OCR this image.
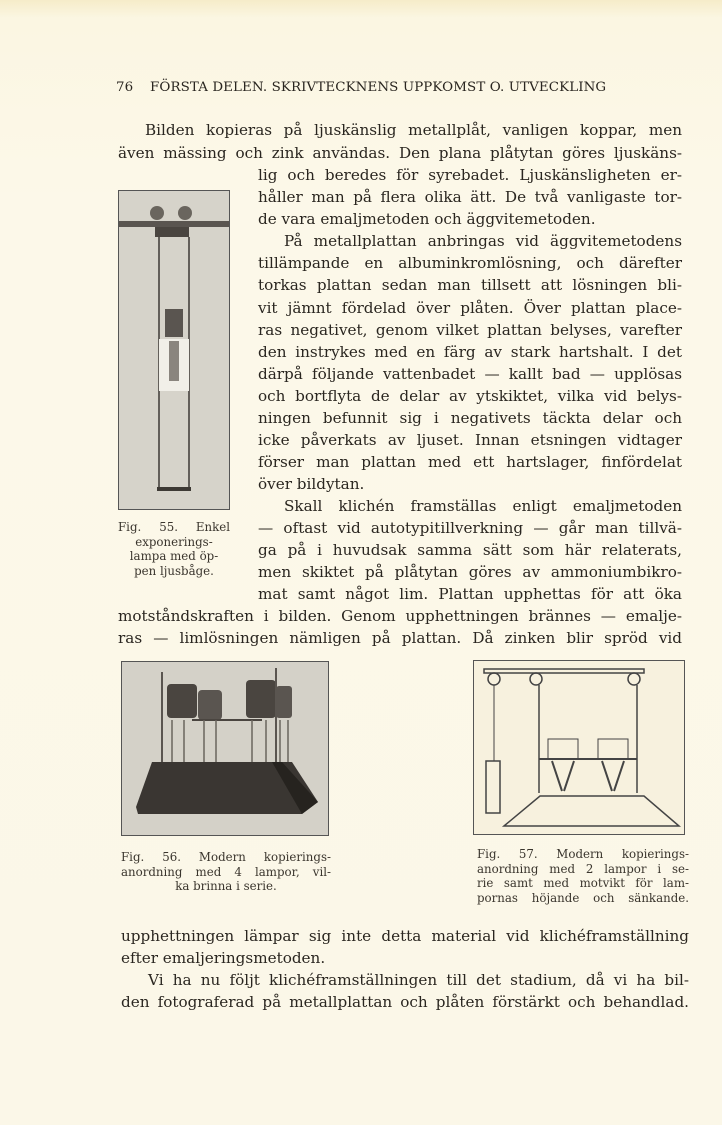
76 FÖRSTA DELEN. SKRIVTECKNENS UPPKOMST O. UTVECKLING
Bilden kopieras på ljuskänslig metallplåt, vanligen koppar, men
även mässing och zink användas. Den plana plåtytan göres ljuskäns-
lig och beredes för syrebadet. Ljuskänsligheten er-
håller man på flera olika ätt. De två vanligaste tor-
de vara emaljmetoden och äggvitemetoden.
På metallplattan anbringas vid äggvitemetodens
tillämpande en albuminkromlösning, och därefter
torkas plattan sedan man tillsett att lösningen bli-
vit jämnt fördelad över plåten. Över plattan place-
ras negativet, genom vilket plattan belyses, varefter
den instrykes med en färg av stark hartshalt. I det
därpå följande vattenbadet — kallt bad — upplösas
och bortflyta de delar av ytskiktet, vilka vid belys-
ningen befunnit sig i negativets täckta delar och
icke påverkats av ljuset. Innan etsningen vidtager
förser man plattan med ett hartslager, finfördelat
över bildytan.
Skall klichén framställas enligt emaljmetoden
— oftast vid autotypitillverkning — går man tillvä-
ga på i huvudsak samma sätt som här relaterats,
men skiktet på plåtytan göres av ammoniumbikro-
mat samt något lim. Plattan upphettas för att öka
motståndskraften i bilden. Genom upphettningen brännes — emalje-
ras — limlösningen nämligen på plattan. Då zinken blir spröd vid
Fig. 55. Enkel
exponerings-
lampa med öp-
pen ljusbåge.
Fig. 56. Modern kopierings-
anordning med 4 lampor, vil-
ka brinna i serie.
Fig. 57. Modern kopierings-
anordning med 2 lampor i se-
rie samt med motvikt för lam-
pornas höjande och sänkande.
upphettningen lämpar sig inte detta material vid klichéframställning
efter emaljeringsmetoden.
Vi ha nu följt klichéframställningen till det stadium, då vi ha bil-
den fotograferad på metallplattan och plåten förstärkt och behandlad.
